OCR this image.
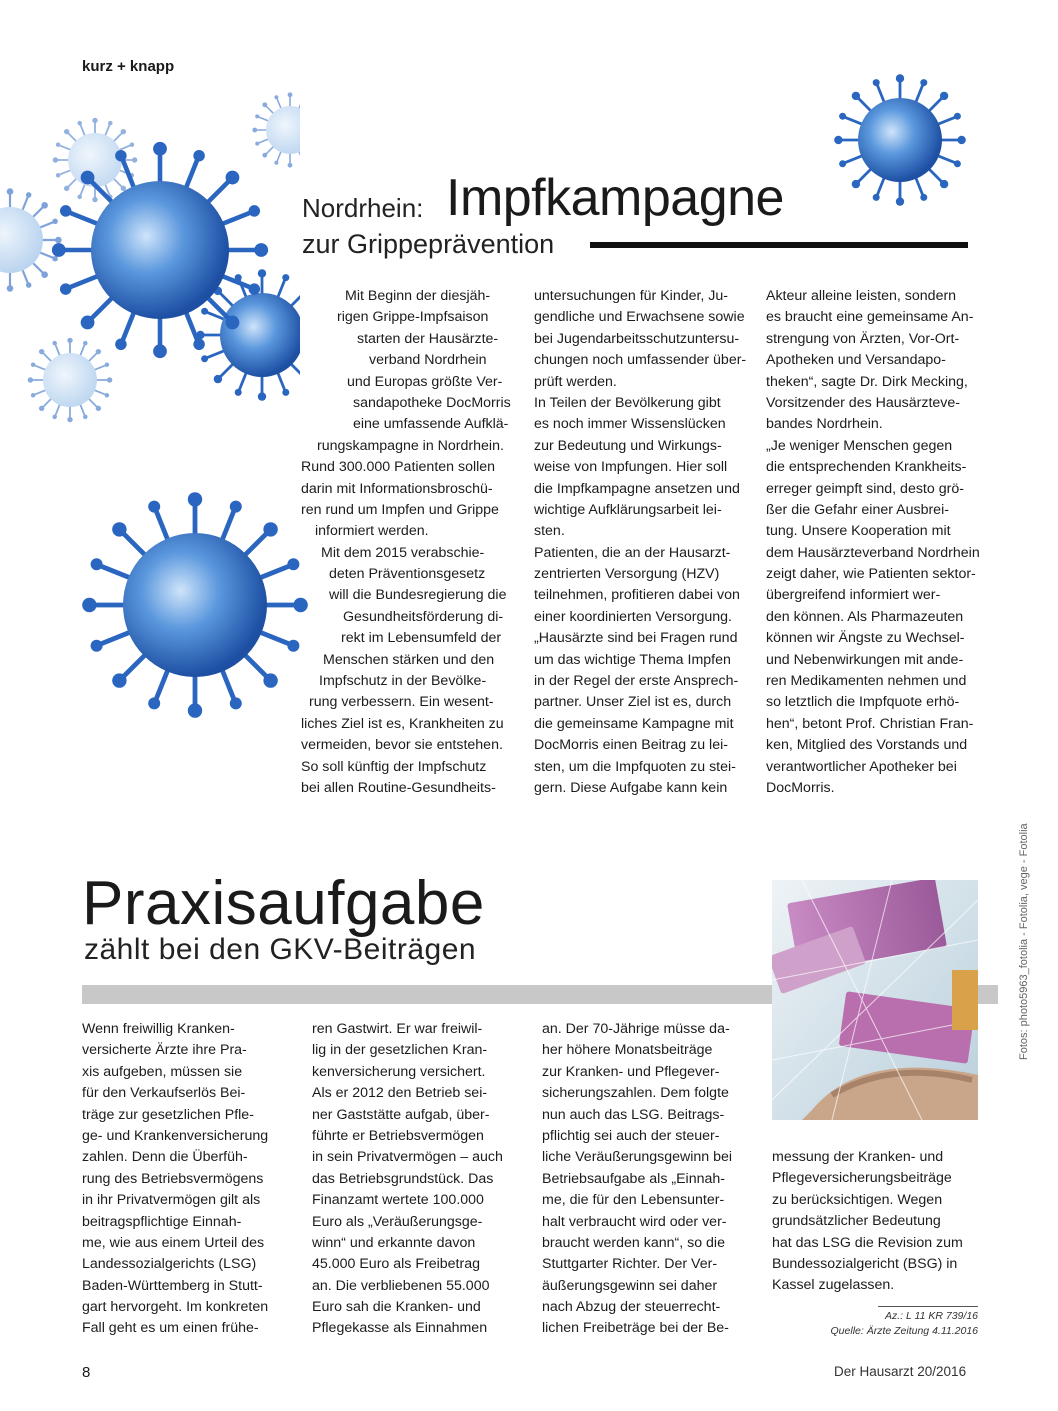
kurz + knapp
Nordrhein: Impfkampagne
zur Grippeprävention
Mit Beginn der diesjäh-
rigen Grippe-Impfsaison
starten der Hausärzte-
verband Nordrhein
und Europas größte Ver-
sandapotheke DocMorris
eine umfassende Aufklä-
rungskampagne in Nordrhein.
Rund 300.000 Patienten sollen
darin mit Informationsbroschü-
ren rund um Impfen und Grippe
informiert werden.
Mit dem 2015 verabschie-
deten Präventionsgesetz
will die Bundesregierung die
Gesundheitsförderung di-
rekt im Lebensumfeld der
Menschen stärken und den
Impfschutz in der Bevölke-
rung verbessern. Ein wesent-
liches Ziel ist es, Krankheiten zu
vermeiden, bevor sie entstehen.
So soll künftig der Impfschutz
bei allen Routine-Gesundheits-
untersuchungen für Kinder, Ju-
gendliche und Erwachsene sowie
bei Jugendarbeitsschutzuntersu-
chungen noch umfassender über-
prüft werden.
In Teilen der Bevölkerung gibt
es noch immer Wissenslücken
zur Bedeutung und Wirkungs-
weise von Impfungen. Hier soll
die Impfkampagne ansetzen und
wichtige Aufklärungsarbeit lei-
sten.
Patienten, die an der Hausarzt-
zentrierten Versorgung (HZV)
teilnehmen, profitieren dabei von
einer koordinierten Versorgung.
„Hausärzte sind bei Fragen rund
um das wichtige Thema Impfen
in der Regel der erste Ansprech-
partner. Unser Ziel ist es, durch
die gemeinsame Kampagne mit
DocMorris einen Beitrag zu lei-
sten, um die Impfquoten zu stei-
gern. Diese Aufgabe kann kein
Akteur alleine leisten, sondern
es braucht eine gemeinsame An-
strengung von Ärzten, Vor-Ort-
Apotheken und Versandapo-
theken“, sagte Dr. Dirk Mecking,
Vorsitzender des Hausärzteve-
bandes Nordrhein.
„Je weniger Menschen gegen
die entsprechenden Krankheits-
erreger geimpft sind, desto grö-
ßer die Gefahr einer Ausbrei-
tung. Unsere Kooperation mit
dem Hausärzteverband Nordrhein
zeigt daher, wie Patienten sektor-
übergreifend informiert wer-
den können. Als Pharmazeuten
können wir Ängste zu Wechsel-
und Nebenwirkungen mit ande-
ren Medikamenten nehmen und
so letztlich die Impfquote erhö-
hen“, betont Prof. Christian Fran-
ken, Mitglied des Vorstands und
verantwortlicher Apotheker bei
DocMorris.
Praxisaufgabe
zählt bei den GKV-Beiträgen
Wenn freiwillig Kranken-
versicherte Ärzte ihre Pra-
xis aufgeben, müssen sie
für den Verkaufserlös Bei-
träge zur gesetzlichen Pfle-
ge- und Krankenversicherung
zahlen. Denn die Überfüh-
rung des Betriebsvermögens
in ihr Privatvermögen gilt als
beitragspflichtige Einnah-
me, wie aus einem Urteil des
Landessozialgerichts (LSG)
Baden-Württemberg in Stutt-
gart hervorgeht. Im konkreten
Fall geht es um einen frühe-
ren Gastwirt. Er war freiwil-
lig in der gesetzlichen Kran-
kenversicherung versichert.
Als er 2012 den Betrieb sei-
ner Gaststätte aufgab, über-
führte er Betriebsvermögen
in sein Privatvermögen – auch
das Betriebsgrundstück. Das
Finanzamt wertete 100.000
Euro als „Veräußerungsge-
winn“ und erkannte davon
45.000 Euro als Freibetrag
an. Die verbliebenen 55.000
Euro sah die Kranken- und
Pflegekasse als Einnahmen
an. Der 70-Jährige müsse da-
her höhere Monatsbeiträge
zur Kranken- und Pflegever-
sicherungszahlen. Dem folgte
nun auch das LSG. Beitrags-
pflichtig sei auch der steuer-
liche Veräußerungsgewinn bei
Betriebsaufgabe als „Einnah-
me, die für den Lebensunter-
halt verbraucht wird oder ver-
braucht werden kann“, so die
Stuttgarter Richter. Der Ver-
äußerungsgewinn sei daher
nach Abzug der steuerrecht-
lichen Freibeträge bei der Be-
messung der Kranken- und
Pflegeversicherungsbeiträge
zu berücksichtigen. Wegen
grundsätzlicher Bedeutung
hat das LSG die Revision zum
Bundessozialgericht (BSG) in
Kassel zugelassen.
Az.: L 11 KR 739/16
Quelle: Ärzte Zeitung 4.11.2016
8	Der Hausarzt 20/2016
Fotos: photo5963_fotolia - Fotolia, vege - Fotolia
